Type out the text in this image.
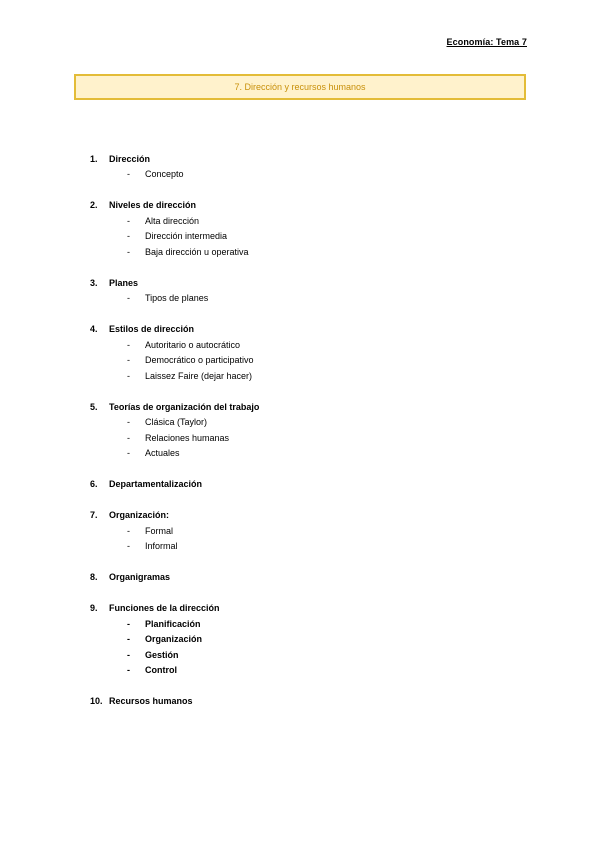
Economía: Tema 7
7. Dirección y recursos humanos
1.	Dirección
-	Concepto
2.	Niveles de dirección
-	Alta dirección
-	Dirección intermedia
-	Baja dirección u operativa
3.	Planes
-	Tipos de planes
4.	Estilos de dirección
-	Autoritario o autocrático
-	Democrático o participativo
-	Laissez Faire (dejar hacer)
5.	Teorías de organización del trabajo
-	Clásica (Taylor)
-	Relaciones humanas
-	Actuales
6.	Departamentalización
7.	Organización:
-	Formal
-	Informal
8.	Organigramas
9.	Funciones de la dirección
-	Planificación
-	Organización
-	Gestión
-	Control
10. Recursos humanos
